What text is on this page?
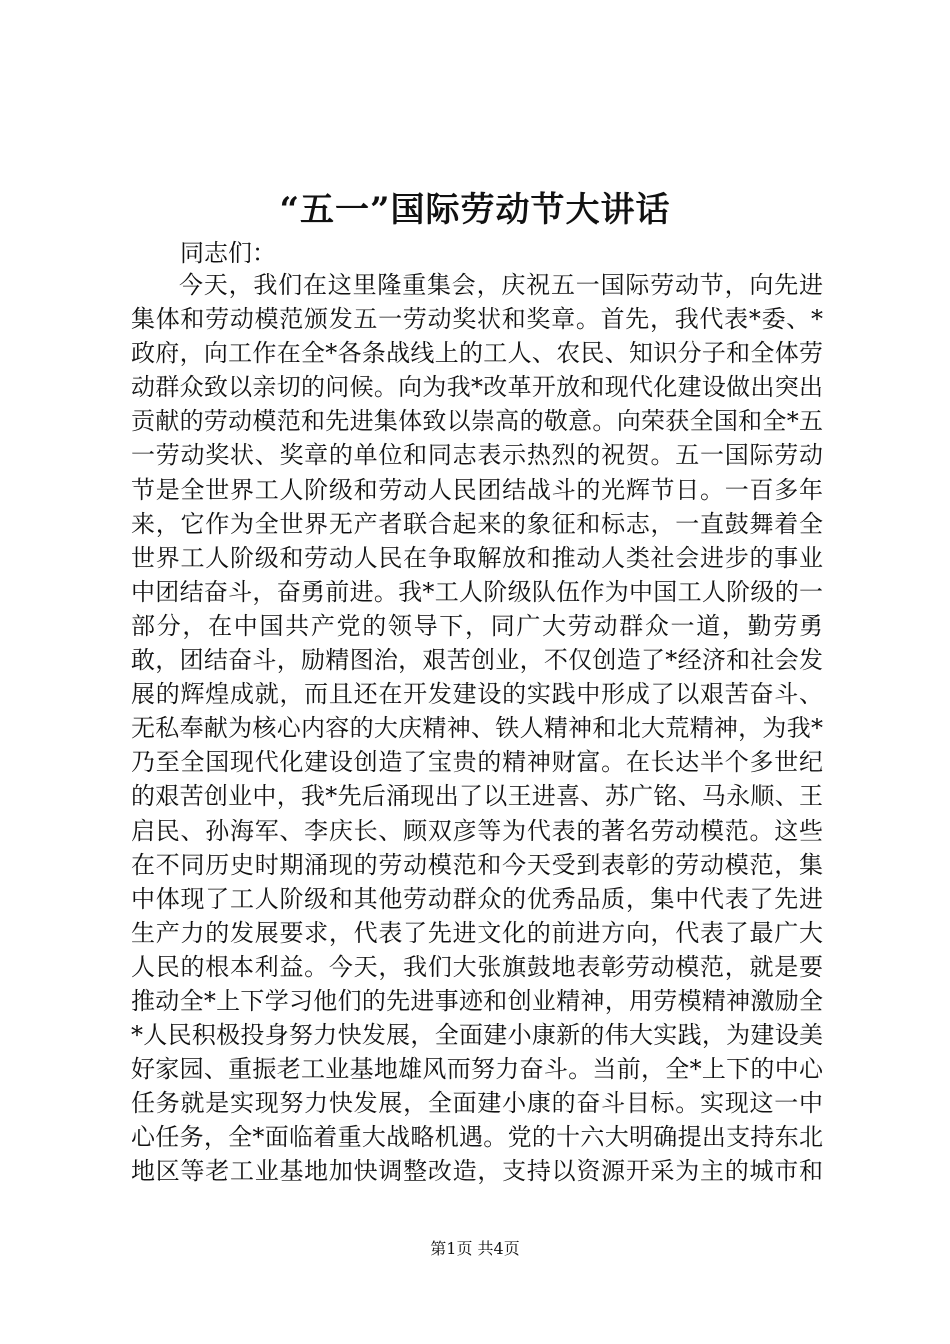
“五一”国际劳动节大讲话
同志们：

今天，我们在这里隆重集会，庆祝五一国际劳动节，向先进集体和劳动模范颁发五一劳动奖状和奖章。首先，我代表*委、*政府，向工作在全*各条战线上的工人、农民、知识分子和全体劳动群众致以亲切的问候。向为我*改革开放和现代化建设做出突出贡献的劳动模范和先进集体致以崇高的敬意。向荣获全国和全*五一劳动奖状、奖章的单位和同志表示热烈的祝贺。五一国际劳动节是全世界工人阶级和劳动人民团结战斗的光辉节日。一百多年来，它作为全世界无产者联合起来的象征和标志，一直鼓舞着全世界工人阶级和劳动人民在争取解放和推动人类社会进步的事业中团结奋斗，奋勇前进。我*工人阶级队伍作为中国工人阶级的一部分，在中国共产党的领导下，同广大劳动群众一道，勤劳勇敢，团结奋斗，励精图治，艰苦创业，不仅创造了*经济和社会发展的辉煌成就，而且还在开发建设的实践中形成了以艰苦奋斗、无私奉献为核心内容的大庆精神、铁人精神和北大荒精神，为我*乃至全国现代化建设创造了宝贵的精神财富。在长达半个多世纪的艰苦创业中，我*先后涌现出了以王进喜、苏广铭、马永顺、王启民、孙海军、李庆长、顾双彦等为代表的著名劳动模范。这些在不同历史时期涌现的劳动模范和今天受到表彰的劳动模范，集中体现了工人阶级和其他劳动群众的优秀品质，集中代表了先进生产力的发展要求，代表了先进文化的前进方向，代表了最广大人民的根本利益。今天，我们大张旗鼓地表彰劳动模范，就是要推动全*上下学习他们的先进事迹和创业精神，用劳模精神激励全*人民积极投身努力快发展，全面建小康新的伟大实践，为建设美好家园、重振老工业基地雄风而努力奋斗。当前，全*上下的中心任务就是实现努力快发展，全面建小康的奋斗目标。实现这一中心任务，全*面临着重大战略机遇。党的十六大明确提出支持东北地区等老工业基地加快调整改造，支持以资源开采为主的城市和

第1页 共4页
